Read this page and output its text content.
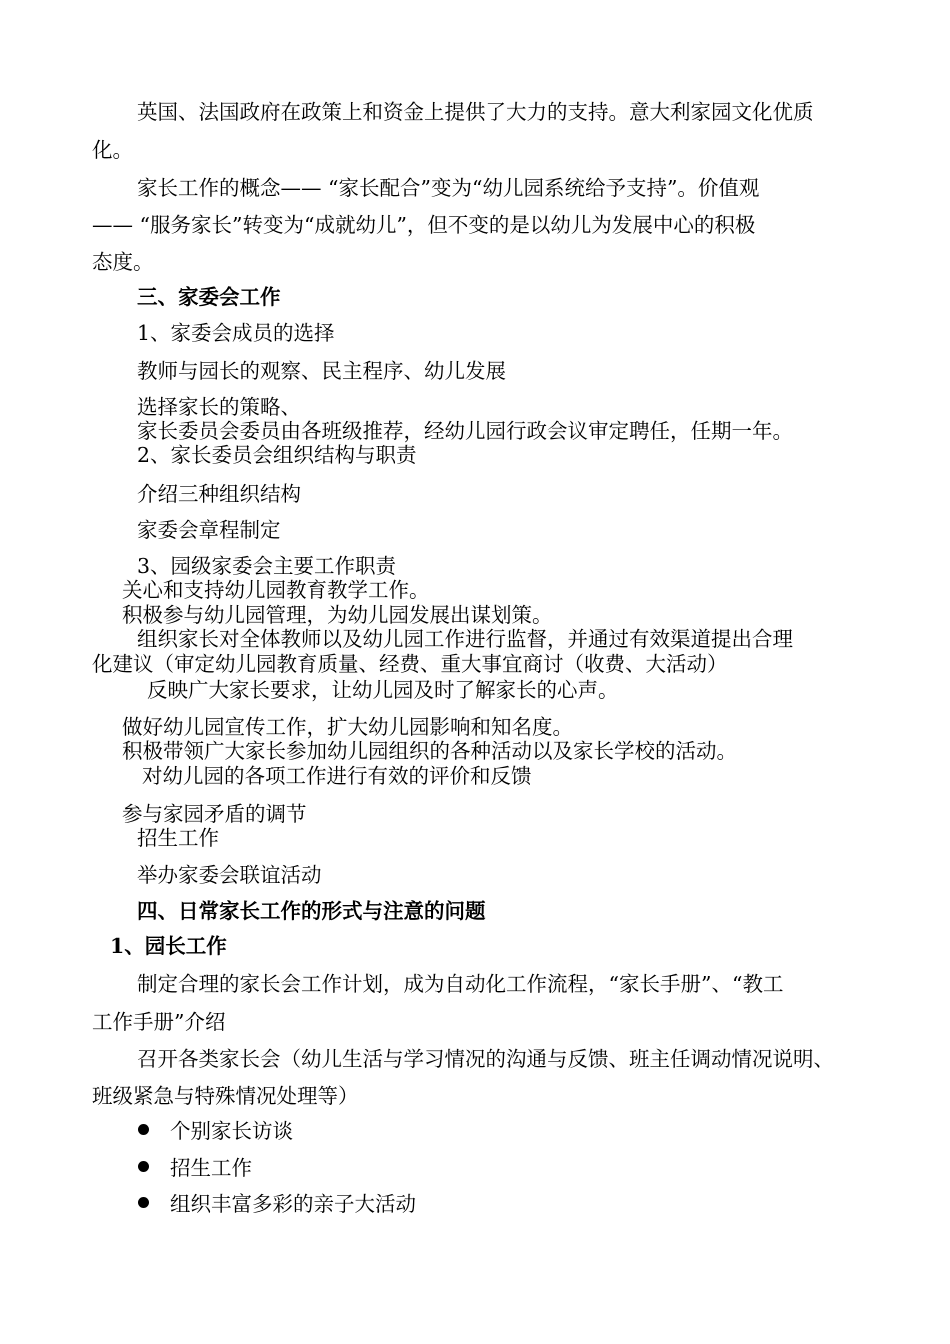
英国、法国政府在政策上和资金上提供了大力的支持。意大利家园文化优质
化。
家长工作的概念—— “家长配合”变为“幼儿园系统给予支持”。价值观
—— “服务家长”转变为“成就幼儿”，但不变的是以幼儿为发展中心的积极
态度。
三、家委会工作
1、家委会成员的选择
教师与园长的观察、民主程序、幼儿发展
选择家长的策略、
家长委员会委员由各班级推荐，经幼儿园行政会议审定聘任，任期一年。
2、家长委员会组织结构与职责
介绍三种组织结构
家委会章程制定
3、园级家委会主要工作职责
关心和支持幼儿园教育教学工作。
积极参与幼儿园管理，为幼儿园发展出谋划策。
组织家长对全体教师以及幼儿园工作进行监督，并通过有效渠道提出合理
化建议（审定幼儿园教育质量、经费、重大事宜商讨（收费、大活动）
反映广大家长要求，让幼儿园及时了解家长的心声。
做好幼儿园宣传工作，扩大幼儿园影响和知名度。
积极带领广大家长参加幼儿园组织的各种活动以及家长学校的活动。
对幼儿园的各项工作进行有效的评价和反馈
参与家园矛盾的调节
招生工作
举办家委会联谊活动
四、日常家长工作的形式与注意的问题
1、园长工作
制定合理的家长会工作计划，成为自动化工作流程，“家长手册”、“教工
工作手册”介绍
召开各类家长会（幼儿生活与学习情况的沟通与反馈、班主任调动情况说明、
班级紧急与特殊情况处理等）
个别家长访谈
招生工作
组织丰富多彩的亲子大活动
